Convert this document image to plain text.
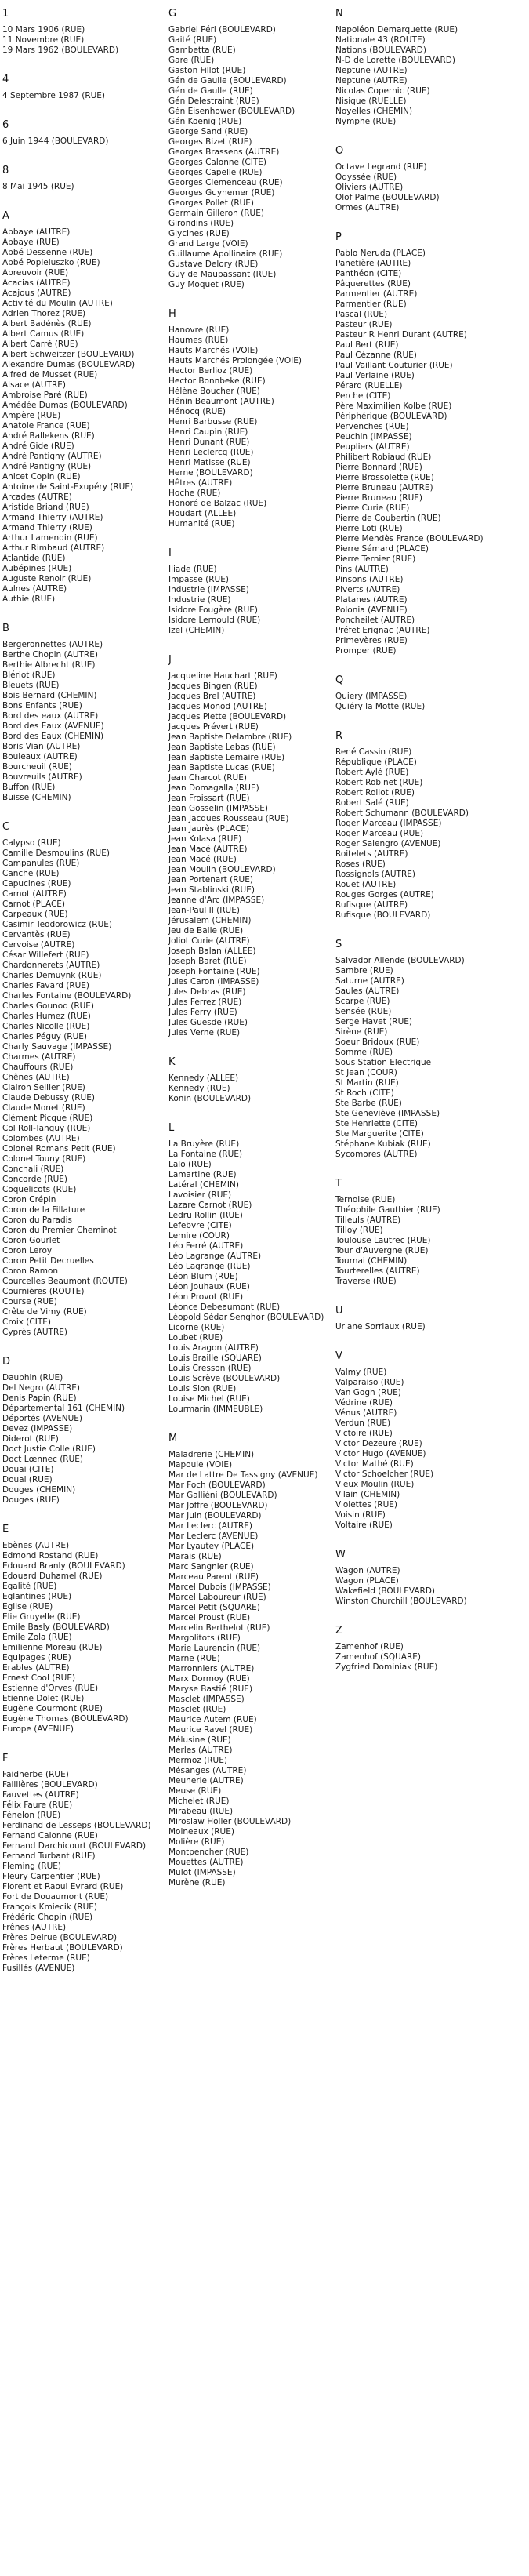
1
10 Mars 1906 (RUE)
11 Novembre (RUE)
19 Mars 1962 (BOULEVARD)
4
4 Septembre 1987 (RUE)
6
6 Juin 1944 (BOULEVARD)
8
8 Mai 1945 (RUE)
A
Abbaye (AUTRE)
Abbaye (RUE)
Abbé Dessenne (RUE)
Abbé Popieluszko (RUE)
Abreuvoir (RUE)
Acacias (AUTRE)
Acajous (AUTRE)
Activité du Moulin (AUTRE)
Adrien Thorez (RUE)
Albert Badénès (RUE)
Albert Camus (RUE)
Albert Carré (RUE)
Albert Schweitzer (BOULEVARD)
Alexandre Dumas (BOULEVARD)
Alfred de Musset (RUE)
Alsace (AUTRE)
Ambroise Paré (RUE)
Amédée Dumas (BOULEVARD)
Ampère (RUE)
Anatole France (RUE)
André Ballekens (RUE)
André Gide (RUE)
André Pantigny (AUTRE)
André Pantigny (RUE)
Anicet Copin (RUE)
Antoine de Saint-Exupéry (RUE)
Arcades (AUTRE)
Aristide Briand (RUE)
Armand Thierry (AUTRE)
Armand Thierry (RUE)
Arthur Lamendin (RUE)
Arthur Rimbaud (AUTRE)
Atlantide (RUE)
Aubépines (RUE)
Auguste Renoir (RUE)
Aulnes (AUTRE)
Authie (RUE)
B
Bergeronnettes (AUTRE)
Berthe Chopin (AUTRE)
Berthie Albrecht (RUE)
Blériot (RUE)
Bleuets (RUE)
Bois Bernard (CHEMIN)
Bons Enfants (RUE)
Bord des eaux (AUTRE)
Bord des Eaux (AVENUE)
Bord des Eaux (CHEMIN)
Boris Vian (AUTRE)
Bouleaux (AUTRE)
Bourcheuil (RUE)
Bouvreuils (AUTRE)
Buffon (RUE)
Buisse (CHEMIN)
C
Calypso (RUE)
Camille Desmoulins (RUE)
Campanules (RUE)
Canche (RUE)
Capucines (RUE)
Carnot (AUTRE)
Carnot (PLACE)
Carpeaux (RUE)
Casimir Teodorowicz (RUE)
Cervantès (RUE)
Cervoise (AUTRE)
César Willefert (RUE)
Chardonnerets (AUTRE)
Charles Demuynk (RUE)
Charles Favard (RUE)
Charles Fontaine (BOULEVARD)
Charles Gounod (RUE)
Charles Humez (RUE)
Charles Nicolle (RUE)
Charles Péguy (RUE)
Charly Sauvage (IMPASSE)
Charmes (AUTRE)
Chauffours (RUE)
Chênes (AUTRE)
Clairon Sellier (RUE)
Claude Debussy (RUE)
Claude Monet (RUE)
Clément Picque (RUE)
Col Roll-Tanguy (RUE)
Colombes (AUTRE)
Colonel Romans Petit (RUE)
Colonel Touny (RUE)
Conchali (RUE)
Concorde (RUE)
Coquelicots (RUE)
Coron Crépin
Coron de la Fillature
Coron du Paradis
Coron du Premier Cheminot
Coron Gourlet
Coron Leroy
Coron Petit Decruelles
Coron Ramon
Courcelles Beaumont (ROUTE)
Cournières (ROUTE)
Course (RUE)
Crête de Vimy (RUE)
Croix (CITE)
Cyprès (AUTRE)
D
Dauphin (RUE)
Del Negro (AUTRE)
Denis Papin (RUE)
Départemental 161 (CHEMIN)
Déportés (AVENUE)
Devez (IMPASSE)
Diderot (RUE)
Doct Justie Colle (RUE)
Doct Lœnnec (RUE)
Douai (CITE)
Douai (RUE)
Douges (CHEMIN)
Douges (RUE)
E
Ebènes (AUTRE)
Edmond Rostand (RUE)
Edouard Branly (BOULEVARD)
Edouard Duhamel (RUE)
Egalité (RUE)
Eglantines (RUE)
Eglise (RUE)
Elie Gruyelle (RUE)
Emile Basly (BOULEVARD)
Emile Zola (RUE)
Emilienne Moreau (RUE)
Equipages (RUE)
Erables (AUTRE)
Ernest Cool (RUE)
Estienne d'Orves (RUE)
Etienne Dolet (RUE)
Eugène Courmont (RUE)
Eugène Thomas (BOULEVARD)
Europe (AVENUE)
F
Faidherbe (RUE)
Faillières (BOULEVARD)
Fauvettes (AUTRE)
Félix Faure (RUE)
Fénelon (RUE)
Ferdinand de Lesseps (BOULEVARD)
Fernand Calonne (RUE)
Fernand Darchicourt (BOULEVARD)
Fernand Turbant (RUE)
Fleming (RUE)
Fleury Carpentier (RUE)
Florent et Raoul Evrard (RUE)
Fort de Douaumont (RUE)
François Kmiecik (RUE)
Frédéric Chopin (RUE)
Frênes (AUTRE)
Frères Delrue (BOULEVARD)
Frères Herbaut (BOULEVARD)
Frères Leterme (RUE)
Fusillés (AVENUE)
G
Gabriel Péri (BOULEVARD)
Gaité (RUE)
Gambetta (RUE)
Gare (RUE)
Gaston Fillot (RUE)
Gén de Gaulle (BOULEVARD)
Gén de Gaulle (RUE)
Gén Delestraint (RUE)
Gén Eisenhower (BOULEVARD)
Gén Koenig (RUE)
George Sand (RUE)
Georges Bizet (RUE)
Georges Brassens (AUTRE)
Georges Calonne (CITE)
Georges Capelle (RUE)
Georges Clemenceau (RUE)
Georges Guynemer (RUE)
Georges Pollet (RUE)
Germain Gilleron (RUE)
Girondins (RUE)
Glycines (RUE)
Grand Large (VOIE)
Guillaume Apollinaire (RUE)
Gustave Delory (RUE)
Guy de Maupassant (RUE)
Guy Moquet (RUE)
H
Hanovre (RUE)
Haumes (RUE)
Hauts Marchés (VOIE)
Hauts Marchés Prolongée (VOIE)
Hector Berlioz (RUE)
Hector Bonnbeke (RUE)
Hélène Boucher (RUE)
Hénin Beaumont (AUTRE)
Hénocq (RUE)
Henri Barbusse (RUE)
Henri Caupin (RUE)
Henri Dunant (RUE)
Henri Leclercq (RUE)
Henri Matisse (RUE)
Herne (BOULEVARD)
Hêtres (AUTRE)
Hoche (RUE)
Honoré de Balzac (RUE)
Houdart (ALLEE)
Humanité (RUE)
I
Iliade (RUE)
Impasse (RUE)
Industrie (IMPASSE)
Industrie (RUE)
Isidore Fougère (RUE)
Isidore Lernould (RUE)
Izel (CHEMIN)
J
Jacqueline Hauchart (RUE)
Jacques Bingen (RUE)
Jacques Brel (AUTRE)
Jacques Monod (AUTRE)
Jacques Piette (BOULEVARD)
Jacques Prévert (RUE)
Jean Baptiste Delambre (RUE)
Jean Baptiste Lebas (RUE)
Jean Baptiste Lemaire (RUE)
Jean Baptiste Lucas (RUE)
Jean Charcot (RUE)
Jean Domagalla (RUE)
Jean Froissart (RUE)
Jean Gosselin (IMPASSE)
Jean Jacques Rousseau (RUE)
Jean Jaurès (PLACE)
Jean Kolasa (RUE)
Jean Macé (AUTRE)
Jean Macé (RUE)
Jean Moulin (BOULEVARD)
Jean Portenart (RUE)
Jean Stablinski (RUE)
Jeanne d'Arc (IMPASSE)
Jean-Paul II (RUE)
Jérusalem (CHEMIN)
Jeu de Balle (RUE)
Joliot Curie (AUTRE)
Joseph Balan (ALLEE)
Joseph Baret (RUE)
Joseph Fontaine (RUE)
Jules Caron (IMPASSE)
Jules Debras (RUE)
Jules Ferrez (RUE)
Jules Ferry (RUE)
Jules Guesde (RUE)
Jules Verne (RUE)
K
Kennedy (ALLEE)
Kennedy (RUE)
Konin (BOULEVARD)
L
La Bruyère (RUE)
La Fontaine (RUE)
Lalo (RUE)
Lamartine (RUE)
Latéral (CHEMIN)
Lavoisier (RUE)
Lazare Carnot (RUE)
Ledru Rollin (RUE)
Lefebvre (CITE)
Lemire (COUR)
Léo Ferré (AUTRE)
Léo Lagrange (AUTRE)
Léo Lagrange (RUE)
Léon Blum (RUE)
Léon Jouhaux (RUE)
Léon Provot (RUE)
Léonce Debeaumont (RUE)
Léopold Sédar Senghor (BOULEVARD)
Licorne (RUE)
Loubet (RUE)
Louis Aragon (AUTRE)
Louis Braille (SQUARE)
Louis Cresson (RUE)
Louis Scrève (BOULEVARD)
Louis Sion (RUE)
Louise Michel (RUE)
Lourmarin (IMMEUBLE)
M
Maladrerie (CHEMIN)
Mapoule (VOIE)
Mar de Lattre De Tassigny (AVENUE)
Mar Foch (BOULEVARD)
Mar Galliéni (BOULEVARD)
Mar Joffre (BOULEVARD)
Mar Juin (BOULEVARD)
Mar Leclerc (AUTRE)
Mar Leclerc (AVENUE)
Mar Lyautey (PLACE)
Marais (RUE)
Marc Sangnier (RUE)
Marceau Parent (RUE)
Marcel Dubois (IMPASSE)
Marcel Laboureur (RUE)
Marcel Petit (SQUARE)
Marcel Proust (RUE)
Marcelin Berthelot (RUE)
Margolitots (RUE)
Marie Laurencin (RUE)
Marne (RUE)
Marronniers (AUTRE)
Marx Dormoy (RUE)
Maryse Bastié (RUE)
Masclet (IMPASSE)
Masclet (RUE)
Maurice Autem (RUE)
Maurice Ravel (RUE)
Mélusine (RUE)
Merles (AUTRE)
Mermoz (RUE)
Mésanges (AUTRE)
Meunerie (AUTRE)
Meuse (RUE)
Michelet (RUE)
Mirabeau (RUE)
Miroslaw Holler (BOULEVARD)
Moineaux (RUE)
Molière (RUE)
Montpencher (RUE)
Mouettes (AUTRE)
Mulot (IMPASSE)
Murène (RUE)
N
Napoléon Demarquette (RUE)
Nationale 43 (ROUTE)
Nations (BOULEVARD)
N-D de Lorette (BOULEVARD)
Neptune (AUTRE)
Neptune (AUTRE)
Nicolas Copernic (RUE)
Nisique (RUELLE)
Noyelles (CHEMIN)
Nymphe (RUE)
O
Octave Legrand (RUE)
Odyssée (RUE)
Oliviers (AUTRE)
Olof Palme (BOULEVARD)
Ormes (AUTRE)
P
Pablo Neruda (PLACE)
Panetière (AUTRE)
Panthéon (CITE)
Pâquerettes (RUE)
Parmentier (AUTRE)
Parmentier (RUE)
Pascal (RUE)
Pasteur (RUE)
Pasteur R Henri Durant (AUTRE)
Paul Bert (RUE)
Paul Cézanne (RUE)
Paul Vaillant Couturier (RUE)
Paul Verlaine (RUE)
Pérard (RUELLE)
Perche (CITE)
Père Maximilien Kolbe (RUE)
Périphérique (BOULEVARD)
Pervenches (RUE)
Peuchin (IMPASSE)
Peupliers (AUTRE)
Philibert Robiaud (RUE)
Pierre Bonnard (RUE)
Pierre Brossolette (RUE)
Pierre Bruneau (AUTRE)
Pierre Bruneau (RUE)
Pierre Curie (RUE)
Pierre de Coubertin (RUE)
Pierre Loti (RUE)
Pierre Mendès France (BOULEVARD)
Pierre Sémard (PLACE)
Pierre Ternier (RUE)
Pins (AUTRE)
Pinsons (AUTRE)
Piverts (AUTRE)
Platanes (AUTRE)
Polonia (AVENUE)
Poncheilet (AUTRE)
Préfet Erignac (AUTRE)
Primevères (RUE)
Promper (RUE)
Q
Quiery (IMPASSE)
Quiéry la Motte (RUE)
R
René Cassin (RUE)
République (PLACE)
Robert Aylé (RUE)
Robert Robinet (RUE)
Robert Rollot (RUE)
Robert Salé (RUE)
Robert Schumann (BOULEVARD)
Roger Marceau (IMPASSE)
Roger Marceau (RUE)
Roger Salengro (AVENUE)
Roitelets (AUTRE)
Roses (RUE)
Rossignols (AUTRE)
Rouet (AUTRE)
Rouges Gorges (AUTRE)
Rufisque (AUTRE)
Rufisque (BOULEVARD)
S
Salvador Allende (BOULEVARD)
Sambre (RUE)
Saturne (AUTRE)
Saules (AUTRE)
Scarpe (RUE)
Sensée (RUE)
Serge Havet (RUE)
Sirène (RUE)
Soeur Bridoux (RUE)
Somme (RUE)
Sous Station Electrique
St Jean (COUR)
St Martin (RUE)
St Roch (CITE)
Ste Barbe (RUE)
Ste Geneviève (IMPASSE)
Ste Henriette (CITE)
Ste Marguerite (CITE)
Stéphane Kubiak (RUE)
Sycomores (AUTRE)
T
Ternoise (RUE)
Théophile Gauthier (RUE)
Tilleuls (AUTRE)
Tilloy (RUE)
Toulouse Lautrec (RUE)
Tour d'Auvergne (RUE)
Tournai (CHEMIN)
Tourterelles (AUTRE)
Traverse (RUE)
U
Uriane Sorriaux (RUE)
V
Valmy (RUE)
Valparaiso (RUE)
Van Gogh (RUE)
Védrine (RUE)
Vénus (AUTRE)
Verdun (RUE)
Victoire (RUE)
Victor Dezeure (RUE)
Victor Hugo (AVENUE)
Victor Mathé (RUE)
Victor Schoelcher (RUE)
Vieux Moulin (RUE)
Vilain (CHEMIN)
Violettes (RUE)
Voisin (RUE)
Voltaire (RUE)
W
Wagon (AUTRE)
Wagon (PLACE)
Wakefield (BOULEVARD)
Winston Churchill (BOULEVARD)
Z
Zamenhof (RUE)
Zamenhof (SQUARE)
Zygfried Dominiak (RUE)
